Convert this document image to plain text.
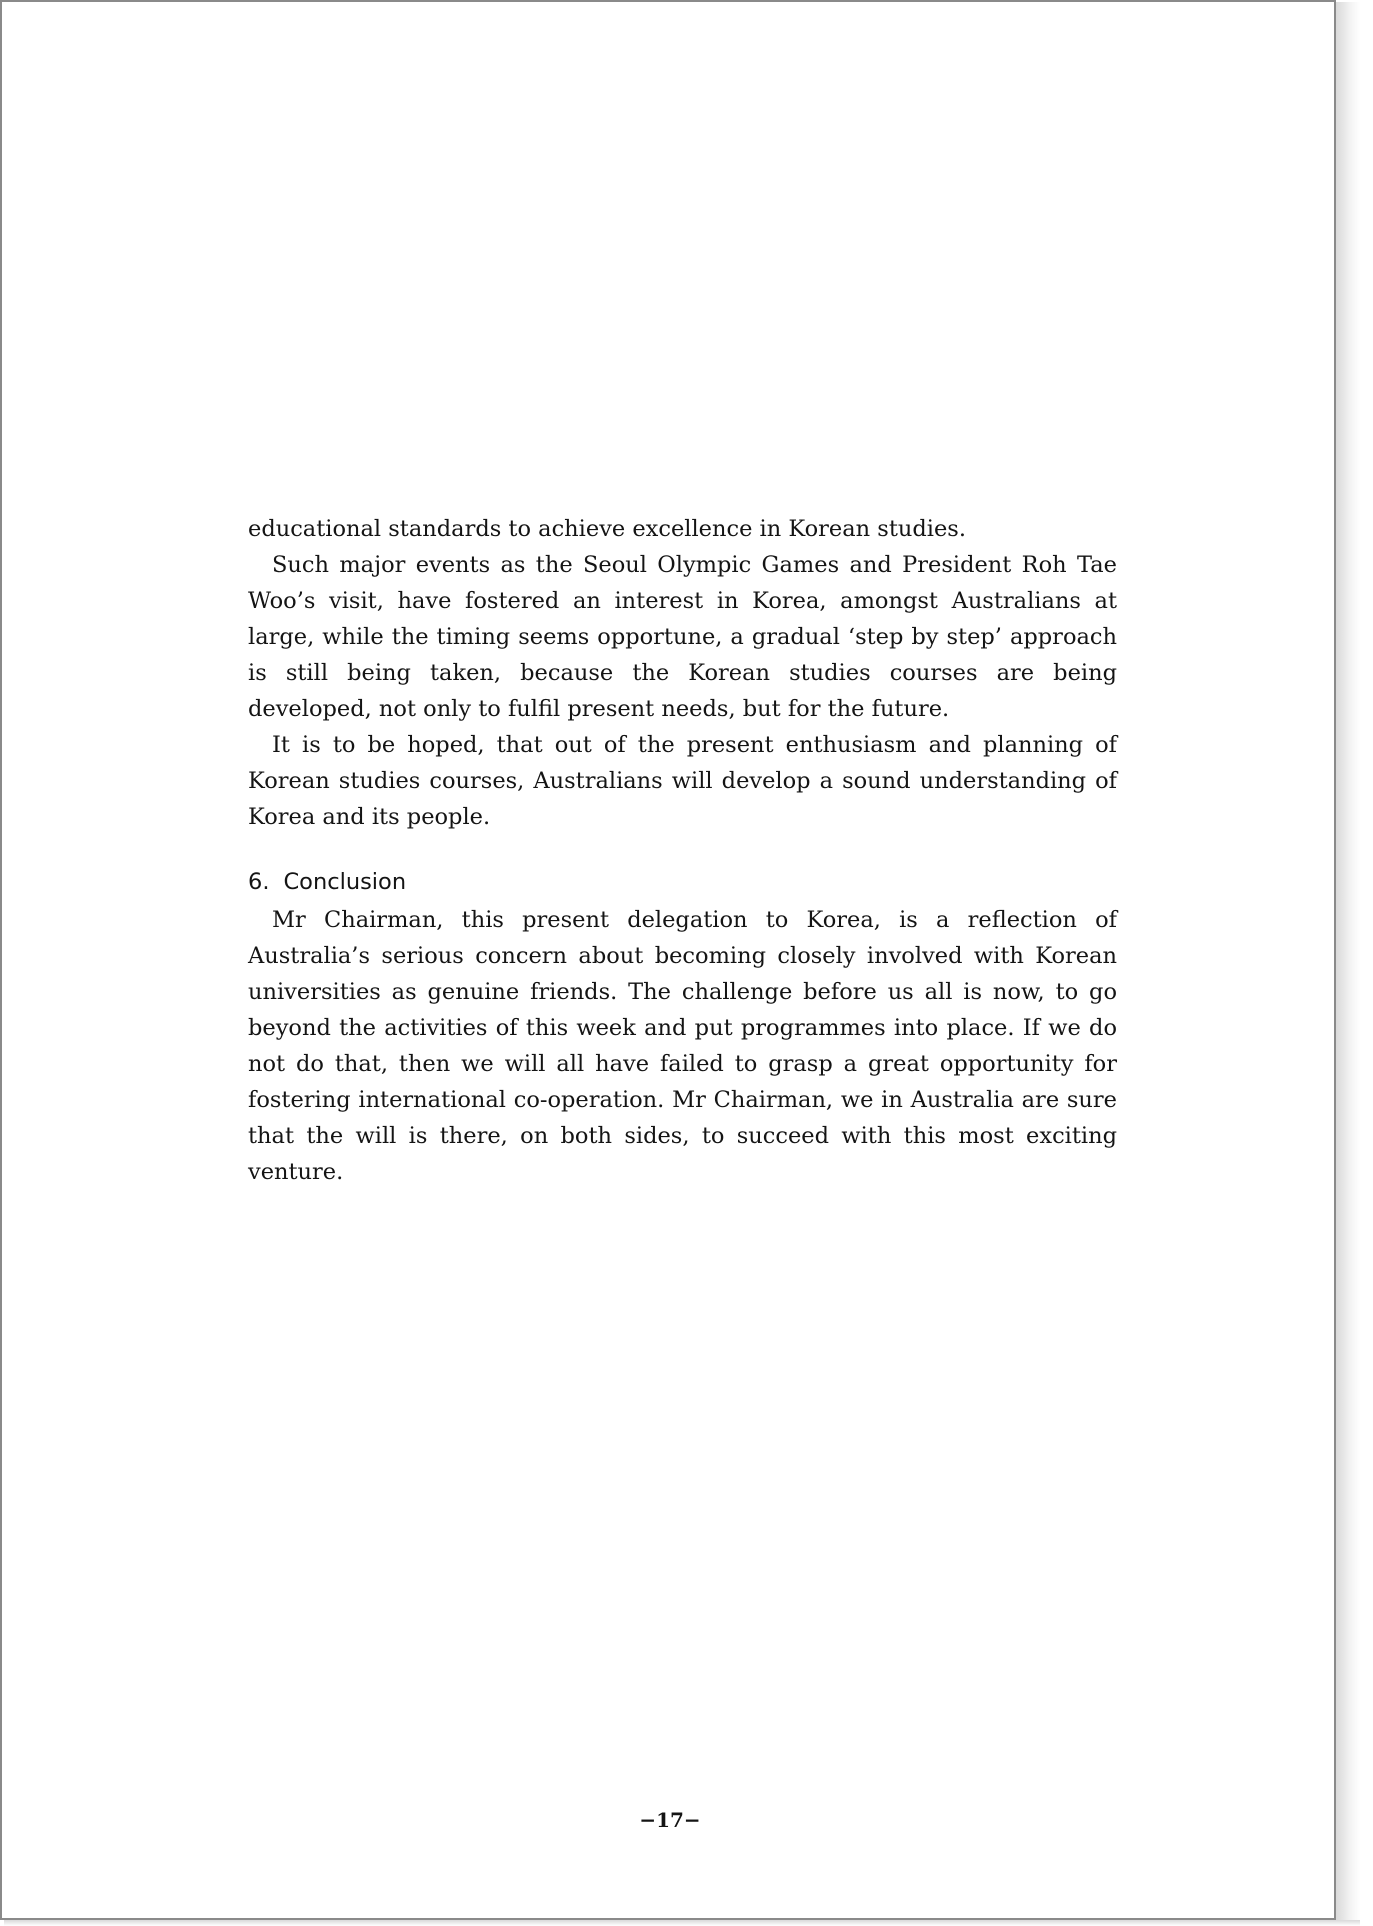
educational standards to achieve excellence in Korean studies.

Such major events as the Seoul Olympic Games and President Roh Tae Woo’s visit, have fostered an interest in Korea, amongst Australians at large, while the timing seems opportune, a gradual ‘step by step’ approach is still being taken, because the Korean studies courses are being developed, not only to fulfil present needs, but for the future.

It is to be hoped, that out of the present enthusiasm and planning of Korean studies courses, Australians will develop a sound understanding of Korea and its people.

6. Conclusion

Mr Chairman, this present delegation to Korea, is a reflection of Australia’s serious concern about becoming closely involved with Korean universities as genuine friends. The challenge before us all is now, to go beyond the activities of this week and put programmes into place. If we do not do that, then we will all have failed to grasp a great opportunity for fostering international co-operation. Mr Chairman, we in Australia are sure that the will is there, on both sides, to succeed with this most exciting venture.

−17−
